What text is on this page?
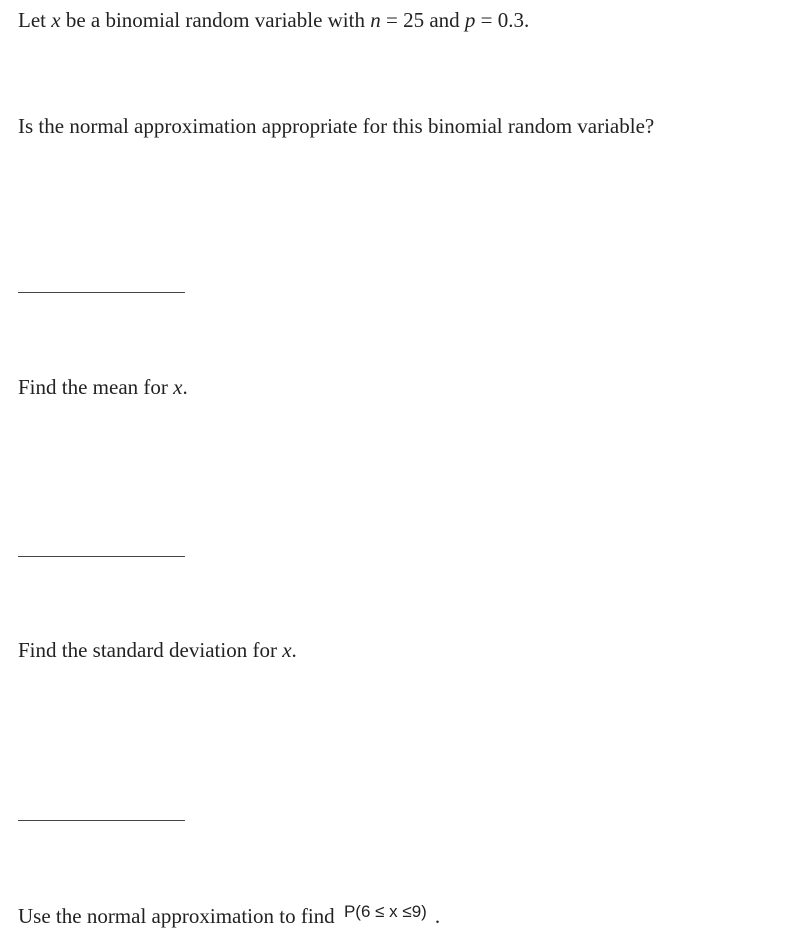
Let x be a binomial random variable with n = 25 and p = 0.3.
Is the normal approximation appropriate for this binomial random variable?
Find the mean for x.
Find the standard deviation for x.
Use the normal approximation to find $^{P(6 \le x \le 9)}$ .
